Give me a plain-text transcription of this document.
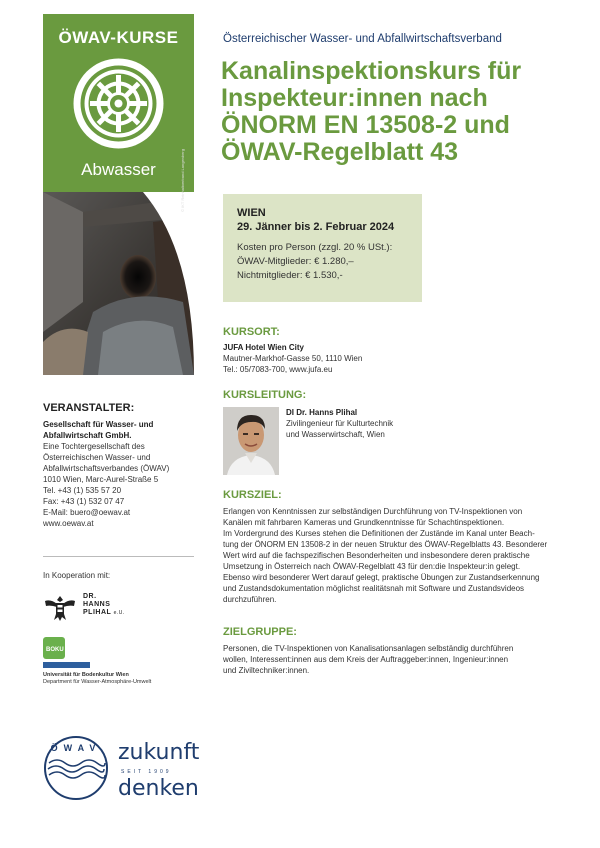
ÖWAV-KURSE
Abwasser	© IKT Reinhaltverband Langenberg
Österreichischer Wasser- und Abfallwirtschaftsverband
Kanalinspektionskurs für
Inspekteur:innen nach
ÖNORM EN 13508-2 und
ÖWAV-Regelblatt 43
WIEN
29. Jänner bis 2. Februar 2024
Kosten pro Person (zzgl. 20 % USt.):
ÖWAV-Mitglieder: € 1.280,–
Nichtmitglieder: € 1.530,-
KURSORT:
JUFA Hotel Wien City
Mautner-Markhof-Gasse 50, 1110 Wien
Tel.: 05/7083-700, www.jufa.eu
KURSLEITUNG:
DI Dr. Hanns Plihal
Zivilingenieur für Kulturtechnik
und Wasserwirtschaft, Wien
KURSZIEL:
Erlangen von Kenntnissen zur selbständigen Durchführung von TV-Inspektionen von
Kanälen mit fahrbaren Kameras und Grundkenntnisse für Schachtinspektionen.
Im Vordergrund des Kurses stehen die Definitionen der Zustände im Kanal unter Beach-
tung der ÖNORM EN 13508-2 in der neuen Struktur des ÖWAV-Regelblatts 43. Besonderer
Wert wird auf die fachspezifischen Besonderheiten und insbesondere deren praktische
Umsetzung in Österreich nach ÖWAV-Regelblatt 43 für den:die Inspekteur:in gelegt.
Ebenso wird besonderer Wert darauf gelegt, praktische Übungen zur Zustandserkennung
und Zustandsdokumentation möglichst realitätsnah mit Software und Zustandsvideos
durchzuführen.
ZIELGRUPPE:
Personen, die TV-Inspektionen von Kanalisationsanlagen selbständig durchführen
wollen, Interessent:innen aus dem Kreis der Auftraggeber:innen, Ingenieur:innen
und Ziviltechniker:innen.
VERANSTALTER:
Gesellschaft für Wasser- und
Abfallwirtschaft GmbH.
Eine Tochtergesellschaft des
Österreichischen Wasser- und
Abfallwirtschaftsverbandes (ÖWAV)
1010 Wien, Marc-Aurel-Straße 5
Tel. +43 (1) 535 57 20
Fax: +43 (1) 532 07 47
E-Mail: buero@oewav.at
www.oewav.at
In Kooperation mit:
DR.
HANNS
PLIHAL e.U.
BOKU
Universität für Bodenkultur Wien
Department für Wasser-Atmosphäre-Umwelt
ÖWAV zukunft
SEIT 1909
denken
